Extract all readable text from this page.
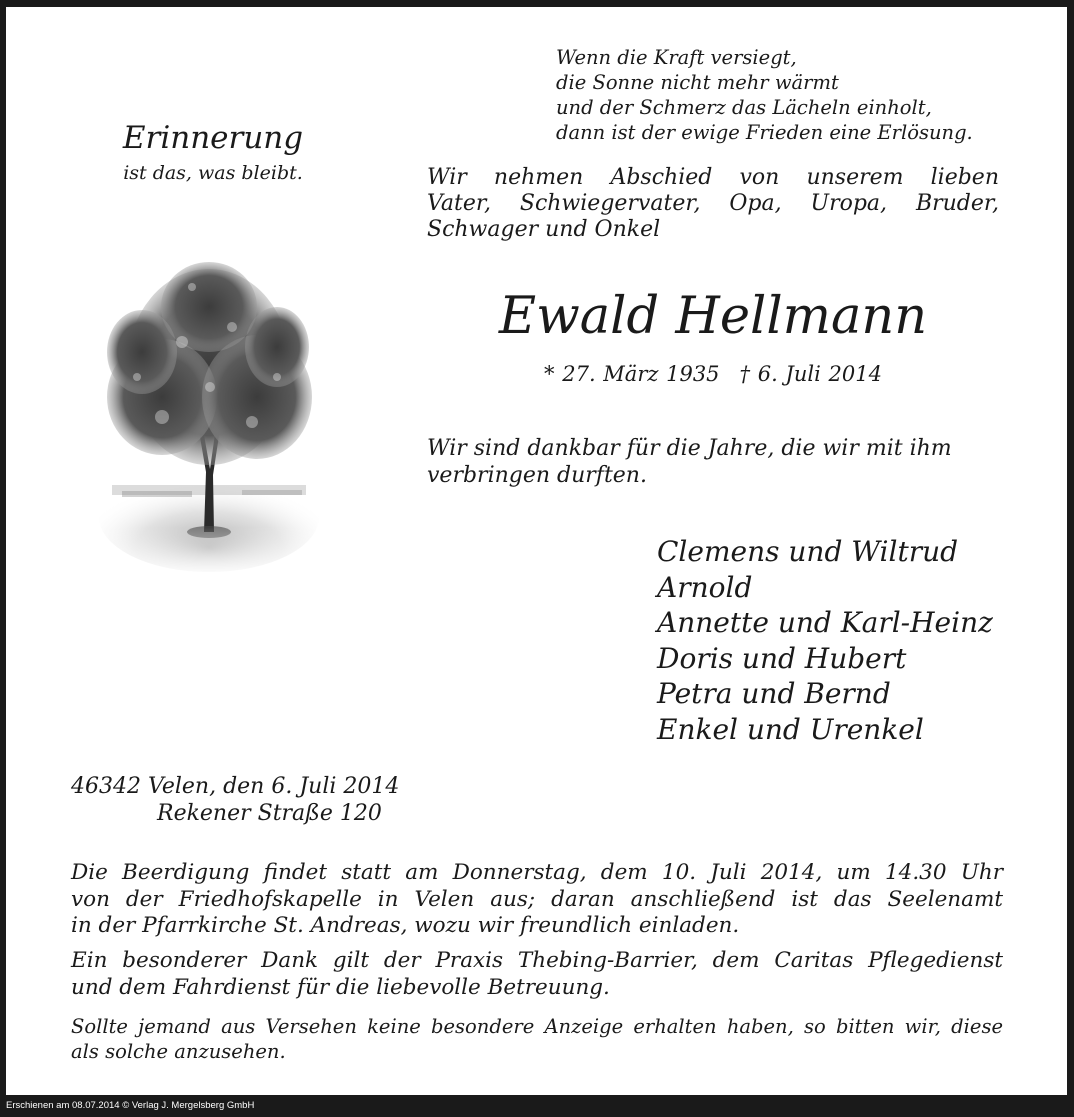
Wenn die Kraft versiegt,
die Sonne nicht mehr wärmt
und der Schmerz das Lächeln einholt,
dann ist der ewige Frieden eine Erlösung.
Erinnerung
ist das, was bleibt.	Wir nehmen Abschied von unserem lieben
Vater, Schwiegervater, Opa, Uropa, Bruder,
Schwager und Onkel
Ewald Hellmann
* 27. März 1935 † 6. Juli 2014
Wir sind dankbar für die Jahre, die wir mit ihm
verbringen durften.
Clemens und Wiltrud
Arnold
Annette und Karl-Heinz
Doris und Hubert
Petra und Bernd
Enkel und Urenkel
46342 Velen, den 6. Juli 2014
Rekener Straße 120
Die Beerdigung findet statt am Donnerstag, dem 10. Juli 2014, um 14.30 Uhr
von der Friedhofskapelle in Velen aus; daran anschließend ist das Seelenamt
in der Pfarrkirche St. Andreas, wozu wir freundlich einladen.
Ein besonderer Dank gilt der Praxis Thebing-Barrier, dem Caritas Pflegedienst
und dem Fahrdienst für die liebevolle Betreuung.
Sollte jemand aus Versehen keine besondere Anzeige erhalten haben, so bitten wir, diese
als solche anzusehen.
Erschienen am 08.07.2014 © Verlag J. Mergelsberg GmbH
